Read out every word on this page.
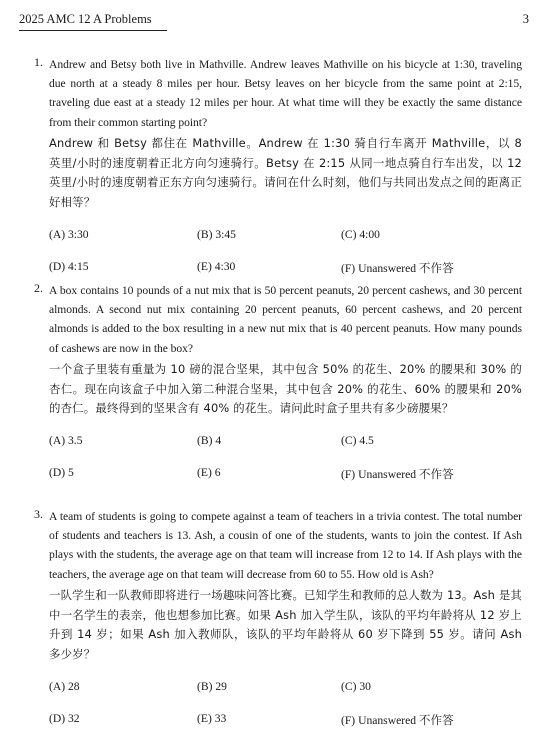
2025 AMC 12 A Problems	3
1. Andrew and Betsy both live in Mathville. Andrew leaves Mathville on his bicycle at 1:30, traveling due north at a steady 8 miles per hour. Betsy leaves on her bicycle from the same point at 2:15, traveling due east at a steady 12 miles per hour. At what time will they be exactly the same distance from their common starting point?
Andrew 和 Betsy 都住在 Mathville。Andrew 在 1:30 骑自行车离开 Mathville，以 8 英里/小时的速度朝着正北方向匀速骑行。Betsy 在 2:15 从同一地点骑自行车出发，以 12 英里/小时的速度朝着正东方向匀速骑行。请问在什么时刻，他们与共同出发点之间的距离正好相等？
(A) 3:30	(B) 3:45	(C) 4:00
(D) 4:15	(E) 4:30	(F) Unanswered 不作答
2. A box contains 10 pounds of a nut mix that is 50 percent peanuts, 20 percent cashews, and 30 percent almonds. A second nut mix containing 20 percent peanuts, 60 percent cashews, and 20 percent almonds is added to the box resulting in a new nut mix that is 40 percent peanuts. How many pounds of cashews are now in the box?
一个盒子里装有重量为 10 磅的混合坚果，其中包含 50% 的花生、20% 的腰果和 30% 的杏仁。现在向该盒子中加入第二种混合坚果，其中包含 20% 的花生、60% 的腰果和 20% 的杏仁。最终得到的坚果含有 40% 的花生。请问此时盒子里共有多少磅腰果？
(A) 3.5	(B) 4	(C) 4.5
(D) 5	(E) 6	(F) Unanswered 不作答
3. A team of students is going to compete against a team of teachers in a trivia contest. The total number of students and teachers is 13. Ash, a cousin of one of the students, wants to join the contest. If Ash plays with the students, the average age on that team will increase from 12 to 14. If Ash plays with the teachers, the average age on that team will decrease from 60 to 55. How old is Ash?
一队学生和一队教师即将进行一场趣味问答比赛。已知学生和教师的总人数为 13。Ash 是其中一名学生的表亲，他也想参加比赛。如果 Ash 加入学生队，该队的平均年龄将从 12 岁上升到 14 岁；如果 Ash 加入教师队，该队的平均年龄将从 60 岁下降到 55 岁。请问 Ash 多少岁？
(A) 28	(B) 29	(C) 30
(D) 32	(E) 33	(F) Unanswered 不作答
